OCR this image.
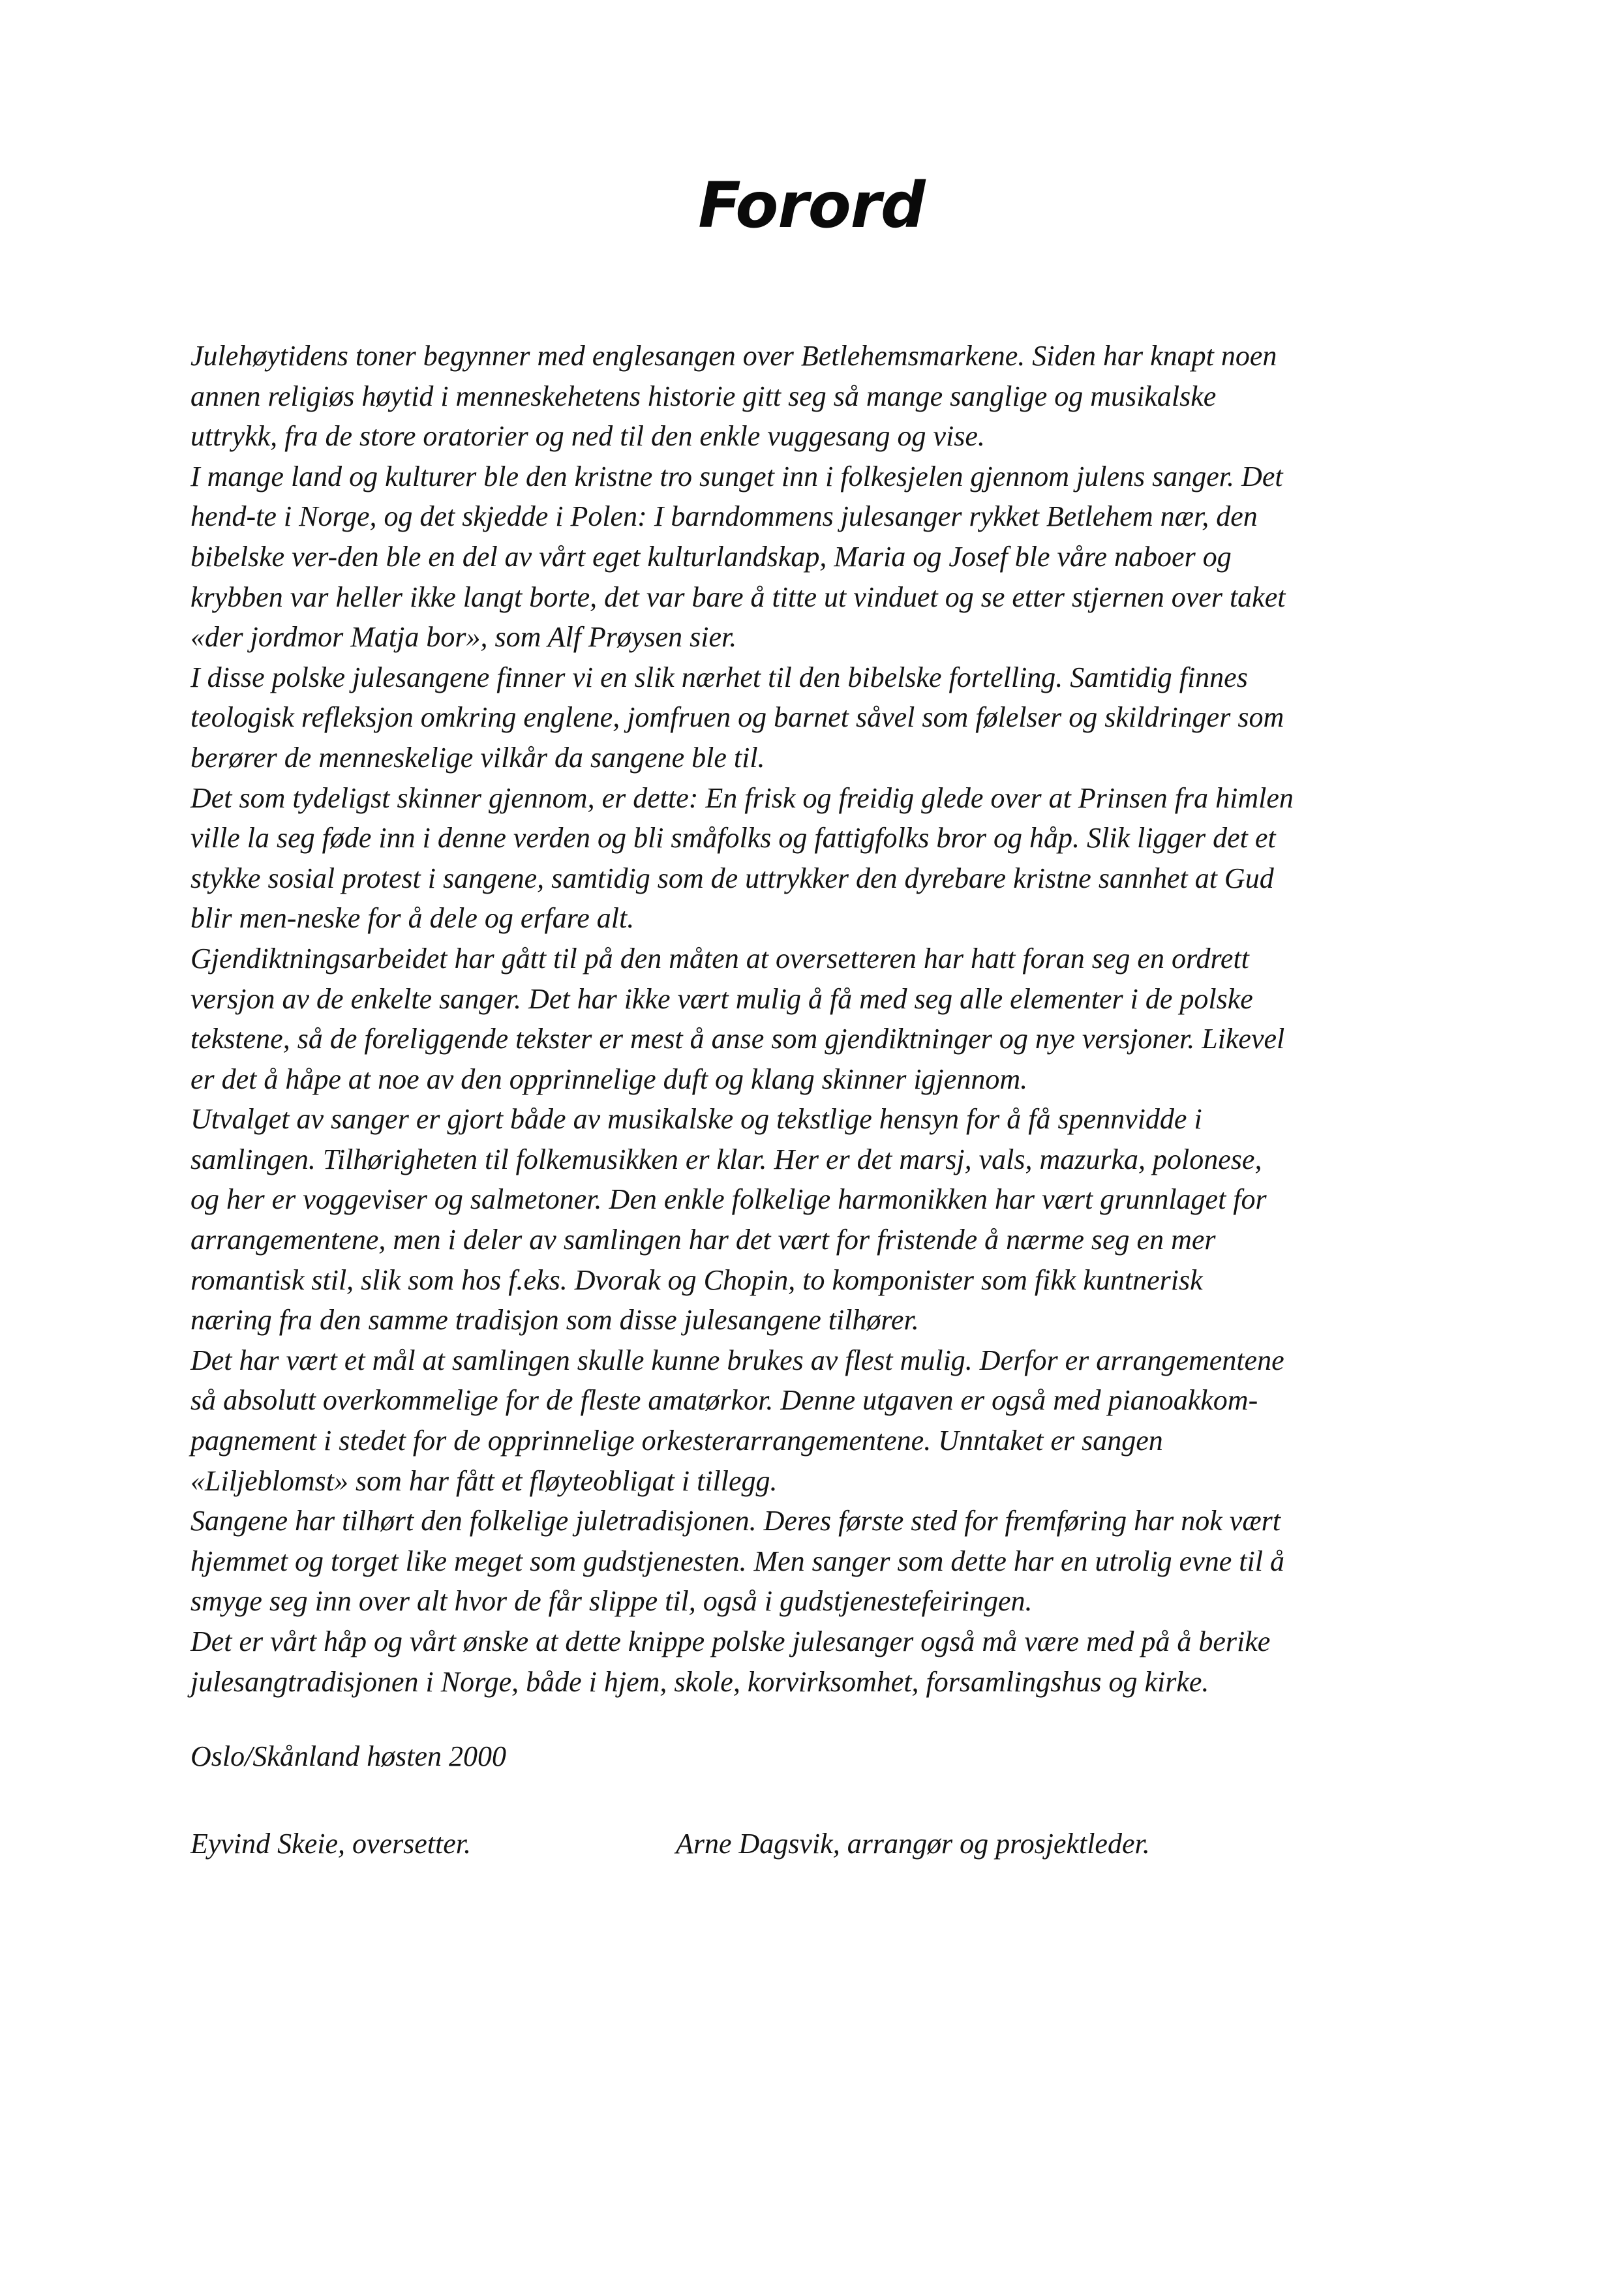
Forord
Julehøytidens toner begynner med englesangen over Betlehemsmarkene. Siden har knapt noen
annen religiøs høytid i menneskehetens historie gitt seg så mange sanglige og musikalske
uttrykk, fra de store oratorier og ned til den enkle vuggesang og vise.
I mange land og kulturer ble den kristne tro sunget inn i folkesjelen gjennom julens sanger. Det
hend-te i Norge, og det skjedde i Polen: I barndommens julesanger rykket Betlehem nær, den
bibelske ver-den ble en del av vårt eget kulturlandskap, Maria og Josef ble våre naboer og
krybben var heller ikke langt borte, det var bare å titte ut vinduet og se etter stjernen over taket
«der jordmor Matja bor», som Alf Prøysen sier.
I disse polske julesangene finner vi en slik nærhet til den bibelske fortelling. Samtidig finnes
teologisk refleksjon omkring englene, jomfruen og barnet såvel som følelser og skildringer som
berører de menneskelige vilkår da sangene ble til.
Det som tydeligst skinner gjennom, er dette: En frisk og freidig glede over at Prinsen fra himlen
ville la seg føde inn i denne verden og bli småfolks og fattigfolks bror og håp. Slik ligger det et
stykke sosial protest i sangene, samtidig som de uttrykker den dyrebare kristne sannhet at Gud
blir men-neske for å dele og erfare alt.
Gjendiktningsarbeidet har gått til på den måten at oversetteren har hatt foran seg en ordrett
versjon av de enkelte sanger. Det har ikke vært mulig å få med seg alle elementer i de polske
tekstene, så de foreliggende tekster er mest å anse som gjendiktninger og nye versjoner. Likevel
er det å håpe at noe av den opprinnelige duft og klang skinner igjennom.
Utvalget av sanger er gjort både av musikalske og tekstlige hensyn for å få spennvidde i
samlingen. Tilhørigheten til folkemusikken er klar. Her er det marsj, vals, mazurka, polonese,
og her er voggeviser og salmetoner. Den enkle folkelige harmonikken har vært grunnlaget for
arrangementene, men i deler av samlingen har det vært for fristende å nærme seg en mer
romantisk stil, slik som hos f.eks. Dvorak og Chopin, to komponister som fikk kuntnerisk
næring fra den samme tradisjon som disse julesangene tilhører.
Det har vært et mål at samlingen skulle kunne brukes av flest mulig. Derfor er arrangementene
så absolutt overkommelige for de fleste amatørkor. Denne utgaven er også med pianoakkom-
pagnement i stedet for de opprinnelige orkesterarrangementene. Unntaket er sangen
«Liljeblomst» som har fått et fløyteobligat i tillegg.
Sangene har tilhørt den folkelige juletradisjonen. Deres første sted for fremføring har nok vært
hjemmet og torget like meget som gudstjenesten. Men sanger som dette har en utrolig evne til å
smyge seg inn over alt hvor de får slippe til, også i gudstjenestefeiringen.
Det er vårt håp og vårt ønske at dette knippe polske julesanger også må være med på å berike
julesangtradisjonen i Norge, både i hjem, skole, korvirksomhet, forsamlingshus og kirke.

Oslo/Skånland høsten 2000

Eyvind Skeie, oversetter.	Arne Dagsvik, arrangør og prosjektleder.
